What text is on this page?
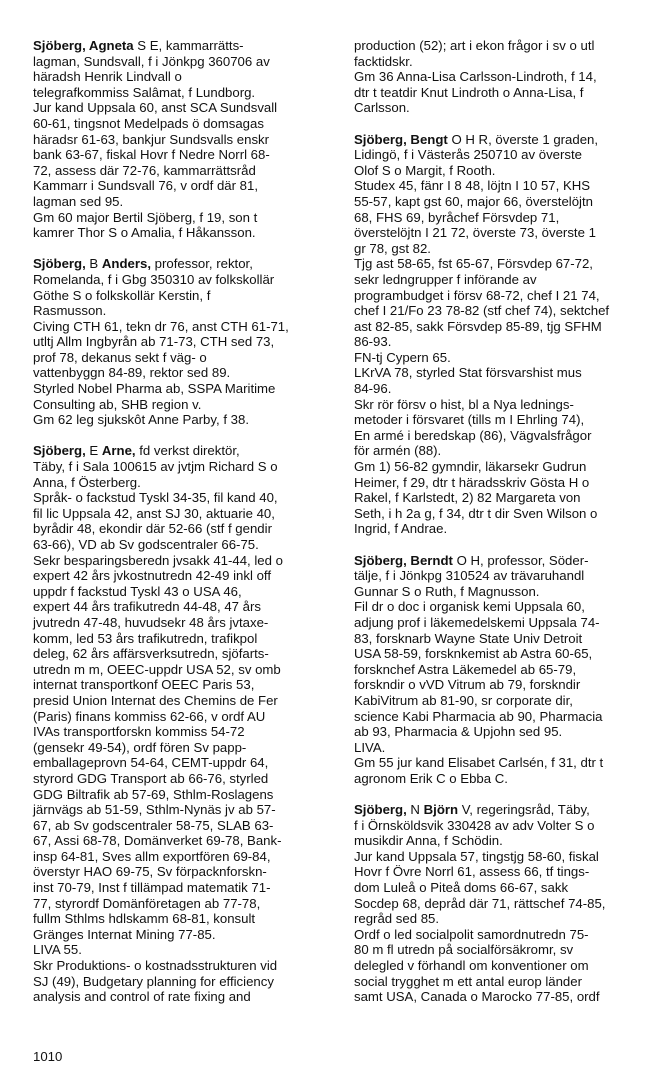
Sjöberg, Agneta S E, kammarrätts-

lagman, Sundsvall, f i Jönkpg 360706 av

häradsh Henrik Lindvall o

telegrafkommiss Salâmat, f Lundborg.

Jur kand Uppsala 60, anst SCA Sundsvall

60-61, tingsnot Medelpads ö domsagas

häradsr 61-63, bankjur Sundsvalls enskr

bank 63-67, fiskal Hovr f Nedre Norrl 68-

72, assess där 72-76, kammarrättsråd

Kammarr i Sundsvall 76, v ordf där 81,

lagman sed 95.

Gm 60 major Bertil Sjöberg, f 19, son t

kamrer Thor S o Amalia, f Håkansson.

Sjöberg, B Anders, professor, rektor,

Romelanda, f i Gbg 350310 av folkskollär

Göthe S o folkskollär Kerstin, f

Rasmusson.

Civing CTH 61, tekn dr 76, anst CTH 61-71,

utltj Allm Ingbyrån ab 71-73, CTH sed 73,

prof 78, dekanus sekt f väg- o

vattenbyggn 84-89, rektor sed 89.

Styrled Nobel Pharma ab, SSPA Maritime

Consulting ab, SHB region v.

Gm 62 leg sjukskôt Anne Parby, f 38.

Sjöberg, E Arne, fd verkst direktör,

Täby, f i Sala 100615 av jvtjm Richard S o

Anna, f Österberg.

Språk- o fackstud Tyskl 34-35, fil kand 40,

fil lic Uppsala 42, anst SJ 30, aktuarie 40,

byrådir 48, ekondir där 52-66 (stf f gendir

63-66), VD ab Sv godscentraler 66-75.

Sekr besparingsberedn jvsakk 41-44, led o

expert 42 års jvkostnutredn 42-49 inkl off

uppdr f fackstud Tyskl 43 o USA 46,

expert 44 års trafikutredn 44-48, 47 års

jvutredn 47-48, huvudsekr 48 års jvtaxe-

komm, led 53 års trafikutredn, trafikpol

deleg, 62 års affärsverksutredn, sjöfarts-

utredn m m, OEEC-uppdr USA 52, sv omb

internat transportkonf OEEC Paris 53,

presid Union Internat des Chemins de Fer

(Paris) finans kommiss 62-66, v ordf AU

IVAs transportforskn kommiss 54-72

(gensekr 49-54), ordf fören Sv papp-

emballageprovn 54-64, CEMT-uppdr 64,

styrord GDG Transport ab 66-76, styrled

GDG Biltrafik ab 57-69, Sthlm-Roslagens

järnvägs ab 51-59, Sthlm-Nynäs jv ab 57-

67, ab Sv godscentraler 58-75, SLAB 63-

67, Assi 68-78, Domänverket 69-78, Bank-

insp 64-81, Sves allm exportfören 69-84,

överstyr HAO 69-75, Sv förpacknforskn-

inst 70-79, Inst f tillämpad matematik 71-

77, styrordf Domänföretagen ab 77-78,

fullm Sthlms hdlskamm 68-81, konsult

Gränges Internat Mining 77-85.

LIVA 55.

Skr Produktions- o kostnadsstrukturen vid

SJ (49), Budgetary planning for efficiency

analysis and control of rate fixing and

production (52); art i ekon frågor i sv o utl

facktidskr.

Gm 36 Anna-Lisa Carlsson-Lindroth, f 14,

dtr t teatdir Knut Lindroth o Anna-Lisa, f

Carlsson.

Sjöberg, Bengt O H R, överste 1 graden,

Lidingö, f i Västerås 250710 av överste

Olof S o Margit, f Rooth.

Studex 45, fänr I 8 48, löjtn I 10 57, KHS

55-57, kapt gst 60, major 66, överstelöjtn

68, FHS 69, byråchef Försvdep 71,

överstelöjtn I 21 72, överste 73, överste 1

gr 78, gst 82.

Tjg ast 58-65, fst 65-67, Försvdep 67-72,

sekr ledngrupper f införande av

programbudget i försv 68-72, chef I 21 74,

chef I 21/Fo 23 78-82 (stf chef 74), sektchef

ast 82-85, sakk Försvdep 85-89, tjg SFHM

86-93.

FN-tj Cypern 65.

LKrVA 78, styrled Stat försvarshist mus

84-96.

Skr rör försv o hist, bl a Nya lednings-

metoder i försvaret (tills m I Ehrling 74),

En armé i beredskap (86), Vägvalsfrågor

för armén (88).

Gm 1) 56-82 gymndir, läkarsekr Gudrun

Heimer, f 29, dtr t häradsskriv Gösta H o

Rakel, f Karlstedt, 2) 82 Margareta von

Seth, i h 2a g, f 34, dtr t dir Sven Wilson o

Ingrid, f Andrae.

Sjöberg, Berndt O H, professor, Söder-

tälje, f i Jönkpg 310524 av trävaruhandl

Gunnar S o Ruth, f Magnusson.

Fil dr o doc i organisk kemi Uppsala 60,

adjung prof i läkemedelskemi Uppsala 74-

83, forsknarb Wayne State Univ Detroit

USA 58-59, forsknkemist ab Astra 60-65,

forsknchef Astra Läkemedel ab 65-79,

forskndir o vVD Vitrum ab 79, forskndir

KabiVitrum ab 81-90, sr corporate dir,

science Kabi Pharmacia ab 90, Pharmacia

ab 93, Pharmacia & Upjohn sed 95.

LIVA.

Gm 55 jur kand Elisabet Carlsén, f 31, dtr t

agronom Erik C o Ebba C.

Sjöberg, N Björn V, regeringsråd, Täby,

f i Örnsköldsvik 330428 av adv Volter S o

musikdir Anna, f Schödin.

Jur kand Uppsala 57, tingstjg 58-60, fiskal

Hovr f Övre Norrl 61, assess 66, tf tings-

dom Luleå o Piteå doms 66-67, sakk

Socdep 68, depråd där 71, rättschef 74-85,

regråd sed 85.

Ordf o led socialpolit samordnutredn 75-

80 m fl utredn på socialförsäkromr, sv

delegled v förhandl om konventioner om

social trygghet m ett antal europ länder

samt USA, Canada o Marocko 77-85, ordf

1010
